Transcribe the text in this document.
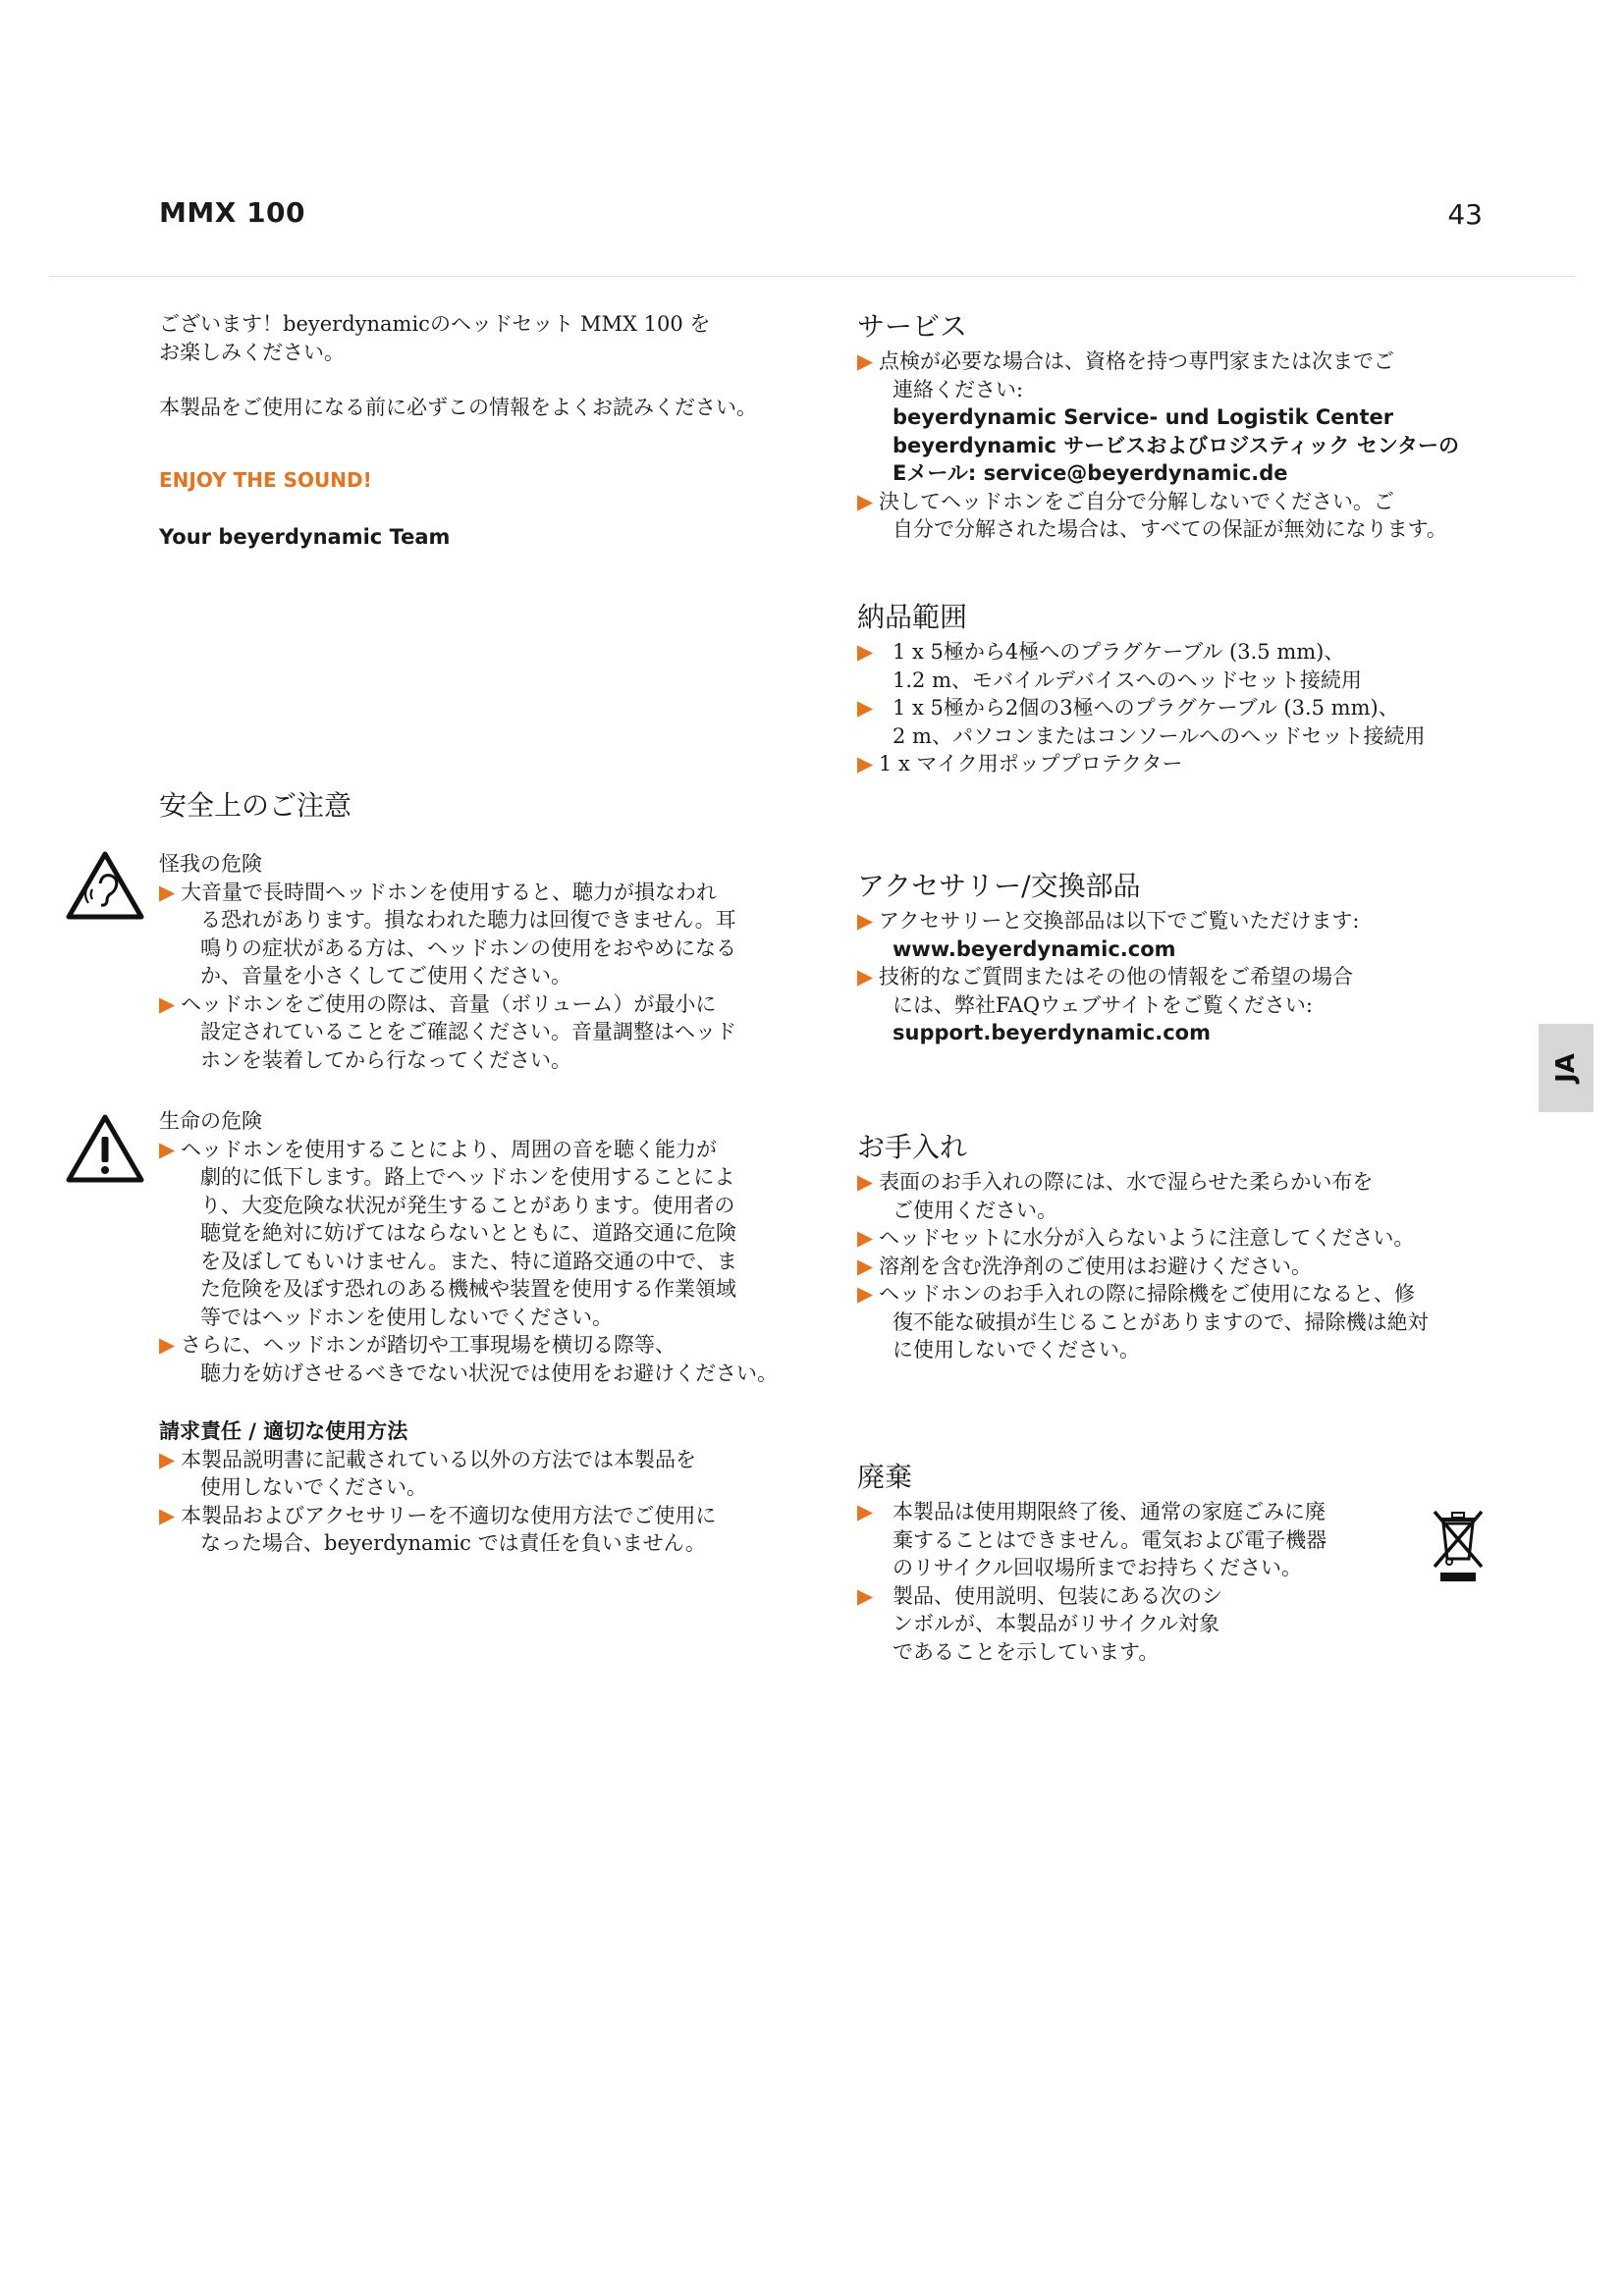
MMX 100	43

ございます！beyerdynamicのヘッドセット MMX 100 を

お楽しみください。

本製品をご使用になる前に必ずこの情報をよくお読みください。

ENJOY THE SOUND!

Your beyerdynamic Team

安全上のご注意

怪我の危険

▶ 大音量で長時間ヘッドホンを使用すると、聴力が損なわれ
る恐れがあります。損なわれた聴力は回復できません。耳
鳴りの症状がある方は、ヘッドホンの使用をおやめになる
か、音量を小さくしてご使用ください。
▶ ヘッドホンをご使用の際は、音量（ボリューム）が最小に
設定されていることをご確認ください。音量調整はヘッド
ホンを装着してから行なってください。

生命の危険

▶ ヘッドホンを使用することにより、周囲の音を聴く能力が
劇的に低下します。路上でヘッドホンを使用することによ
り、大変危険な状況が発生することがあります。使用者の
聴覚を絶対に妨げてはならないとともに、道路交通に危険
を及ぼしてもいけません。また、特に道路交通の中で、ま
た危険を及ぼす恐れのある機械や装置を使用する作業領域
等ではヘッドホンを使用しないでください。
▶ さらに、ヘッドホンが踏切や工事現場を横切る際等、
聴力を妨げさせるべきでない状況では使用をお避けください。

請求責任 / 適切な使用方法

▶ 本製品説明書に記載されている以外の方法では本製品を
使用しないでください。
▶ 本製品およびアクセサリーを不適切な使用方法でご使用に
なった場合、beyerdynamic では責任を負いません。

サービス

▶ 点検が必要な場合は、資格を持つ専門家または次までご
連絡ください:
beyerdynamic Service- und Logistik Center
beyerdynamic サービスおよびロジスティック センターの
Eメール: service@beyerdynamic.de
▶ 決してヘッドホンをご自分で分解しないでください。ご
自分で分解された場合は、すべての保証が無効になります。

納品範囲

▶ 1 x 5極から4極へのプラグケーブル (3.5 mm)、
1.2 m、モバイルデバイスへのヘッドセット接続用
▶ 1 x 5極から2個の3極へのプラグケーブル (3.5 mm)、
2 m、パソコンまたはコンソールへのヘッドセット接続用
▶ 1 x マイク用ポッププロテクター

アクセサリー/交換部品

▶ アクセサリーと交換部品は以下でご覧いただけます:
www.beyerdynamic.com
▶ 技術的なご質問またはその他の情報をご希望の場合
には、弊社FAQウェブサイトをご覧ください:
support.beyerdynamic.com

お手入れ

▶ 表面のお手入れの際には、水で湿らせた柔らかい布を
ご使用ください。
▶ ヘッドセットに水分が入らないように注意してください。
▶ 溶剤を含む洗浄剤のご使用はお避けください。
▶ ヘッドホンのお手入れの際に掃除機をご使用になると、修
復不能な破損が生じることがありますので、掃除機は絶対
に使用しないでください。

廃棄

▶ 本製品は使用期限終了後、通常の家庭ごみに廃
棄することはできません。電気および電子機器
のリサイクル回収場所までお持ちください。
▶ 製品、使用説明、包装にある次のシ
ンボルが、本製品がリサイクル対象
であることを示しています。
JA
